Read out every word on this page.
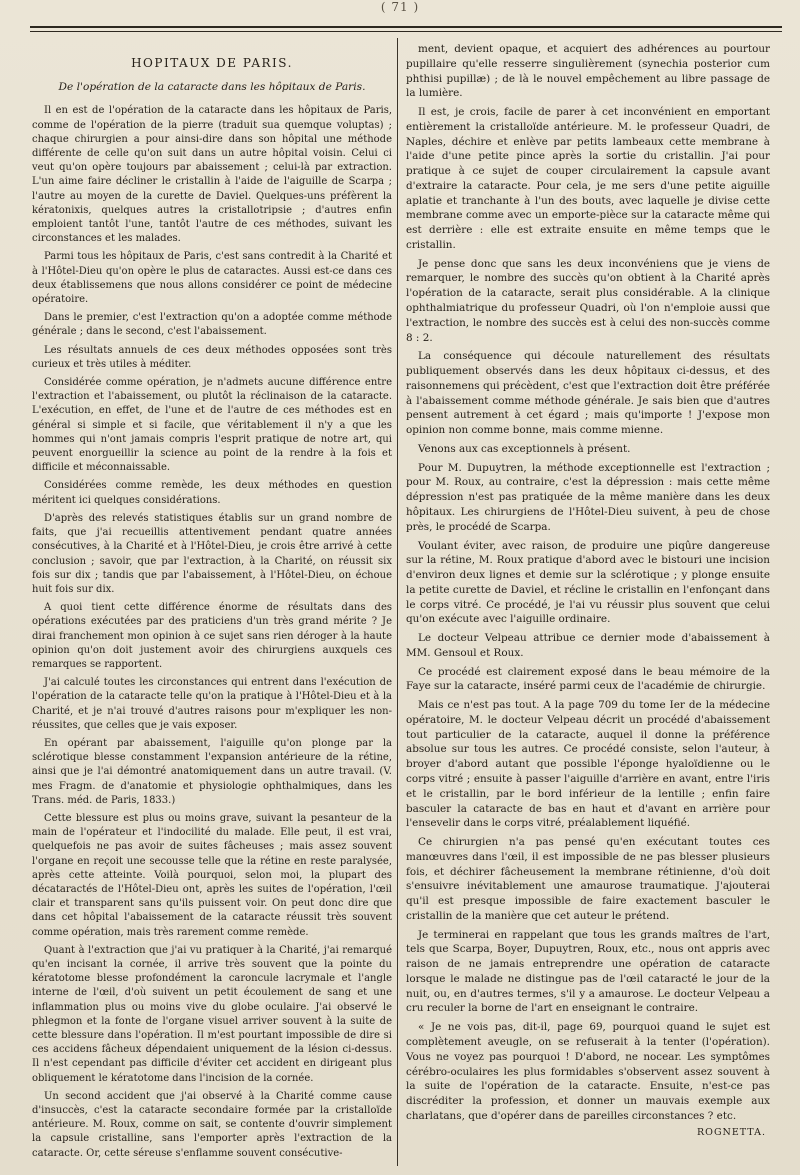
( 71 )
HOPITAUX DE PARIS.
De l'opération de la cataracte dans les hôpitaux de Paris.

Il en est de l'opération de la cataracte dans les hôpitaux de Paris, comme de l'opération de la pierre (traduit sua quemque voluptas) ; chaque chirurgien a pour ainsi-dire dans son hôpital une méthode différente de celle qu'on suit dans un autre hôpital voisin. Celui ci veut qu'on opère toujours par abaissement ; celui-là par extraction. L'un aime faire décliner le cristallin à l'aide de l'aiguille de Scarpa ; l'autre au moyen de la curette de Daviel. Quelques-uns préfèrent la kératonixis, quelques autres la cristallotripsie ; d'autres enfin emploient tantôt l'une, tantôt l'autre de ces méthodes, suivant les circonstances et les malades.

Parmi tous les hôpitaux de Paris, c'est sans contredit à la Charité et à l'Hôtel-Dieu qu'on opère le plus de cataractes. Aussi est-ce dans ces deux établissemens que nous allons considérer ce point de médecine opératoire.

Dans le premier, c'est l'extraction qu'on a adoptée comme méthode générale ; dans le second, c'est l'abaissement.

Les résultats annuels de ces deux méthodes opposées sont très curieux et très utiles à méditer.

Considérée comme opération, je n'admets aucune différence entre l'extraction et l'abaissement, ou plutôt la réclinaison de la cataracte. L'exécution, en effet, de l'une et de l'autre de ces méthodes est en général si simple et si facile, que véritablement il n'y a que les hommes qui n'ont jamais compris l'esprit pratique de notre art, qui peuvent enorgueillir la science au point de la rendre à la fois et difficile et méconnaissable.

Considérées comme remède, les deux méthodes en question méritent ici quelques considérations.

D'après des relevés statistiques établis sur un grand nombre de faits, que j'ai recueillis attentivement pendant quatre années consécutives, à la Charité et à l'Hôtel-Dieu, je crois être arrivé à cette conclusion ; savoir, que par l'extraction, à la Charité, on réussit six fois sur dix ; tandis que par l'abaissement, à l'Hôtel-Dieu, on échoue huit fois sur dix.

A quoi tient cette différence énorme de résultats dans des opérations exécutées par des praticiens d'un très grand mérite ? Je dirai franchement mon opinion à ce sujet sans rien déroger à la haute opinion qu'on doit justement avoir des chirurgiens auxquels ces remarques se rapportent.

J'ai calculé toutes les circonstances qui entrent dans l'exécution de l'opération de la cataracte telle qu'on la pratique à l'Hôtel-Dieu et à la Charité, et je n'ai trouvé d'autres raisons pour m'expliquer les non-réussites, que celles que je vais exposer.

En opérant par abaissement, l'aiguille qu'on plonge par la sclérotique blesse constamment l'expansion antérieure de la rétine, ainsi que je l'ai démontré anatomiquement dans un autre travail. (V. mes Fragm. de d'anatomie et physiologie ophthalmiques, dans les Trans. méd. de Paris, 1833.)

Cette blessure est plus ou moins grave, suivant la pesanteur de la main de l'opérateur et l'indocilité du malade. Elle peut, il est vrai, quelquefois ne pas avoir de suites fâcheuses ; mais assez souvent l'organe en reçoit une secousse telle que la rétine en reste paralysée, après cette atteinte. Voilà pourquoi, selon moi, la plupart des décataractés de l'Hôtel-Dieu ont, après les suites de l'opération, l'œil clair et transparent sans qu'ils puissent voir. On peut donc dire que dans cet hôpital l'abaissement de la cataracte réussit très souvent comme opération, mais très rarement comme remède.

Quant à l'extraction que j'ai vu pratiquer à la Charité, j'ai remarqué qu'en incisant la cornée, il arrive très souvent que la pointe du kératotome blesse profondément la caroncule lacrymale et l'angle interne de l'œil, d'où suivent un petit écoulement de sang et une inflammation plus ou moins vive du globe oculaire. J'ai observé le phlegmon et la fonte de l'organe visuel arriver souvent à la suite de cette blessure dans l'opération. Il m'est pourtant impossible de dire si ces accidens fâcheux dépendaient uniquement de la lésion ci-dessus. Il n'est cependant pas difficile d'éviter cet accident en dirigeant plus obliquement le kératotome dans l'incision de la cornée.

Un second accident que j'ai observé à la Charité comme cause d'insuccès, c'est la cataracte secondaire formée par la cristalloïde antérieure. M. Roux, comme on sait, se contente d'ouvrir simplement la capsule cristalline, sans l'emporter après l'extraction de la cataracte. Or, cette séreuse s'enflamme souvent consécutive-

ment, devient opaque, et acquiert des adhérences au pourtour pupillaire qu'elle resserre singulièrement (synechia posterior cum phthisi pupillæ) ; de là le nouvel empêchement au libre passage de la lumière.

Il est, je crois, facile de parer à cet inconvénient en emportant entièrement la cristalloïde antérieure. M. le professeur Quadri, de Naples, déchire et enlève par petits lambeaux cette membrane à l'aide d'une petite pince après la sortie du cristallin. J'ai pour pratique à ce sujet de couper circulairement la capsule avant d'extraire la cataracte. Pour cela, je me sers d'une petite aiguille aplatie et tranchante à l'un des bouts, avec laquelle je divise cette membrane comme avec un emporte-pièce sur la cataracte même qui est derrière : elle est extraite ensuite en même temps que le cristallin.

Je pense donc que sans les deux inconvéniens que je viens de remarquer, le nombre des succès qu'on obtient à la Charité après l'opération de la cataracte, serait plus considérable. A la clinique ophthalmiatrique du professeur Quadri, où l'on n'emploie aussi que l'extraction, le nombre des succès est à celui des non-succès comme 8 : 2.

La conséquence qui découle naturellement des résultats publiquement observés dans les deux hôpitaux ci-dessus, et des raisonnemens qui précèdent, c'est que l'extraction doit être préférée à l'abaissement comme méthode générale. Je sais bien que d'autres pensent autrement à cet égard ; mais qu'importe ! J'expose mon opinion non comme bonne, mais comme mienne.

Venons aux cas exceptionnels à présent.

Pour M. Dupuytren, la méthode exceptionnelle est l'extraction ; pour M. Roux, au contraire, c'est la dépression : mais cette même dépression n'est pas pratiquée de la même manière dans les deux hôpitaux. Les chirurgiens de l'Hôtel-Dieu suivent, à peu de chose près, le procédé de Scarpa.

Voulant éviter, avec raison, de produire une piqûre dangereuse sur la rétine, M. Roux pratique d'abord avec le bistouri une incision d'environ deux lignes et demie sur la sclérotique ; y plonge ensuite la petite curette de Daviel, et récline le cristallin en l'enfonçant dans le corps vitré. Ce procédé, je l'ai vu réussir plus souvent que celui qu'on exécute avec l'aiguille ordinaire.

Le docteur Velpeau attribue ce dernier mode d'abaissement à MM. Gensoul et Roux.

Ce procédé est clairement exposé dans le beau mémoire de la Faye sur la cataracte, inséré parmi ceux de l'académie de chirurgie.

Mais ce n'est pas tout. A la page 709 du tome Ier de la médecine opératoire, M. le docteur Velpeau décrit un procédé d'abaissement tout particulier de la cataracte, auquel il donne la préférence absolue sur tous les autres. Ce procédé consiste, selon l'auteur, à broyer d'abord autant que possible l'éponge hyaloïdienne ou le corps vitré ; ensuite à passer l'aiguille d'arrière en avant, entre l'iris et le cristallin, par le bord inférieur de la lentille ; enfin faire basculer la cataracte de bas en haut et d'avant en arrière pour l'ensevelir dans le corps vitré, préalablement liquéfié.

Ce chirurgien n'a pas pensé qu'en exécutant toutes ces manœuvres dans l'œil, il est impossible de ne pas blesser plusieurs fois, et déchirer fâcheusement la membrane rétinienne, d'où doit s'ensuivre inévitablement une amaurose traumatique. J'ajouterai qu'il est presque impossible de faire exactement basculer le cristallin de la manière que cet auteur le prétend.

Je terminerai en rappelant que tous les grands maîtres de l'art, tels que Scarpa, Boyer, Dupuytren, Roux, etc., nous ont appris avec raison de ne jamais entreprendre une opération de cataracte lorsque le malade ne distingue pas de l'œil cataracté le jour de la nuit, ou, en d'autres termes, s'il y a amaurose. Le docteur Velpeau a cru reculer la borne de l'art en enseignant le contraire.

« Je ne vois pas, dit-il, page 69, pourquoi quand le sujet est complètement aveugle, on se refuserait à la tenter (l'opération). Vous ne voyez pas pourquoi ! D'abord, ne nocear. Les symptômes cérébro-oculaires les plus formidables s'observent assez souvent à la suite de l'opération de la cataracte. Ensuite, n'est-ce pas discréditer la profession, et donner un mauvais exemple aux charlatans, que d'opérer dans de pareilles circonstances ? etc.

ROGNETTA.
